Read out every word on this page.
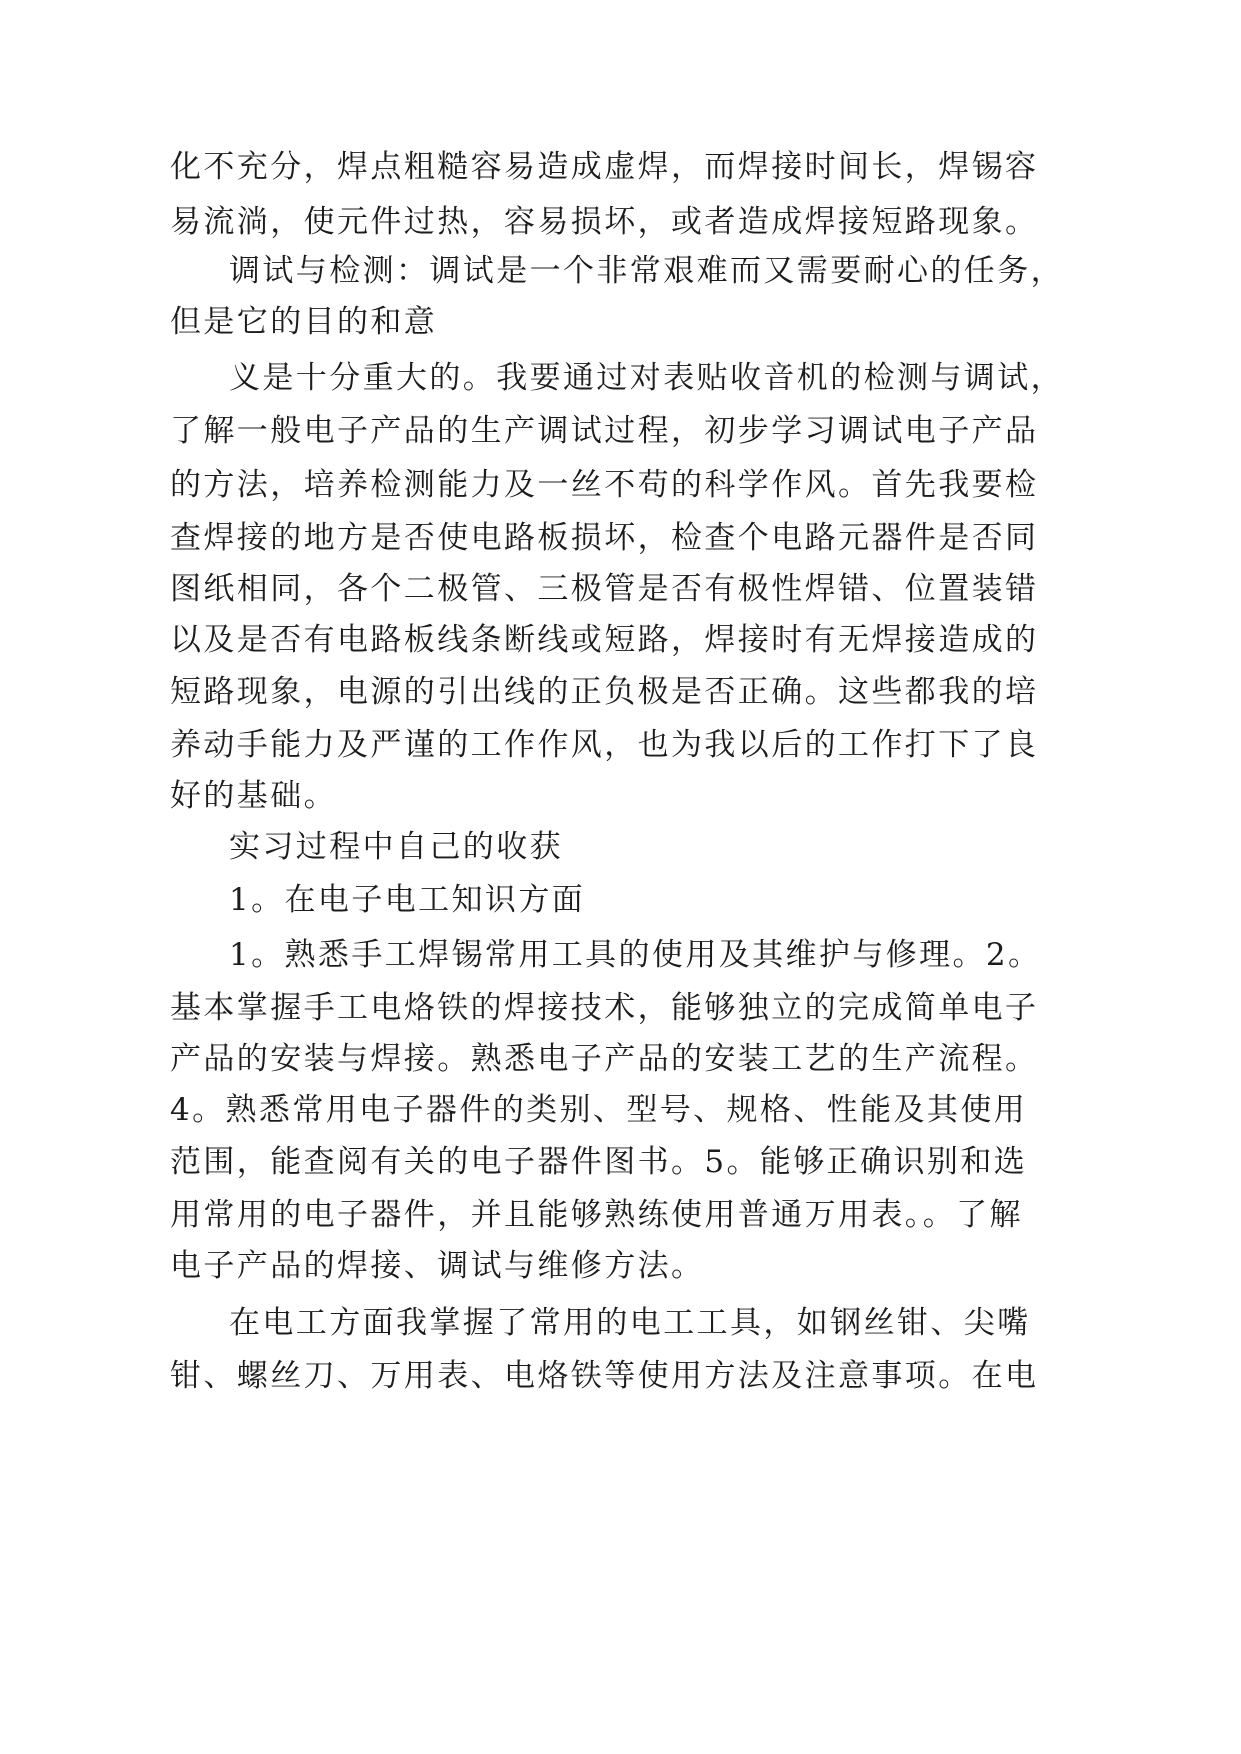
化不充分，焊点粗糙容易造成虚焊，而焊接时间长，焊锡容
易流淌，使元件过热，容易损坏，或者造成焊接短路现象。
调试与检测：调试是一个非常艰难而又需要耐心的任务，
但是它的目的和意
义是十分重大的。我要通过对表贴收音机的检测与调试，
了解一般电子产品的生产调试过程，初步学习调试电子产品
的方法，培养检测能力及一丝不苟的科学作风。首先我要检
查焊接的地方是否使电路板损坏，检查个电路元器件是否同
图纸相同，各个二极管、三极管是否有极性焊错、位置装错
以及是否有电路板线条断线或短路，焊接时有无焊接造成的
短路现象，电源的引出线的正负极是否正确。这些都我的培
养动手能力及严谨的工作作风，也为我以后的工作打下了良
好的基础。
实习过程中自己的收获
1。在电子电工知识方面
1。熟悉手工焊锡常用工具的使用及其维护与修理。2。
基本掌握手工电烙铁的焊接技术，能够独立的完成简单电子
产品的安装与焊接。熟悉电子产品的安装工艺的生产流程。
4。熟悉常用电子器件的类别、型号、规格、性能及其使用
范围，能查阅有关的电子器件图书。5。能够正确识别和选
用常用的电子器件，并且能够熟练使用普通万用表。。了解
电子产品的焊接、调试与维修方法。
在电工方面我掌握了常用的电工工具，如钢丝钳、尖嘴
钳、螺丝刀、万用表、电烙铁等使用方法及注意事项。在电
